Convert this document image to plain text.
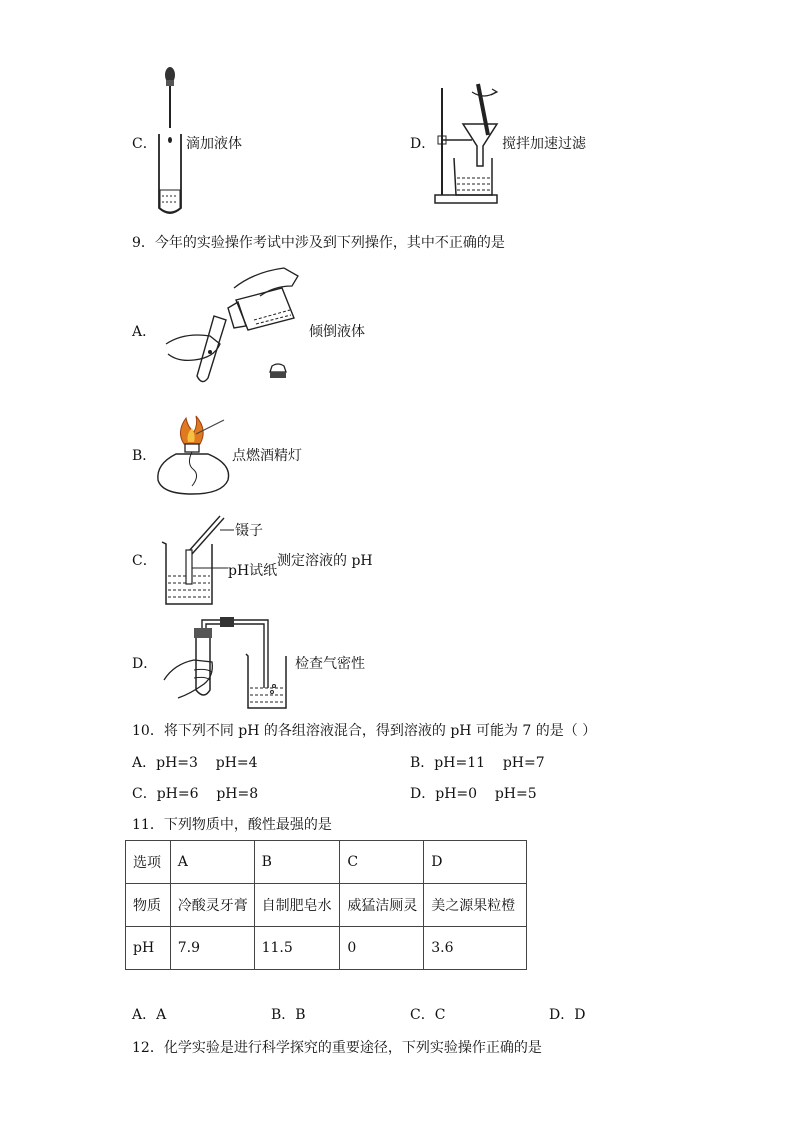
C． 滴加液体	D．	搅拌加速过滤
9．今年的实验操作考试中涉及到下列操作，其中不正确的是
A．	倾倒液体
B．	点燃酒精灯
C．
镊子
pH试纸
测定溶液的 pH
D．	检查气密性
10．将下列不同 pH 的各组溶液混合，得到溶液的 pH 可能为 7 的是（ ）
A．pH=3    pH=4	B．pH=11    pH=7
C．pH=6    pH=8	D．pH=0    pH=5
11．下列物质中，酸性最强的是
选项	A	B	C	D
物质	冷酸灵牙膏	自制肥皂水	威猛洁厕灵	美之源果粒橙
pH	7.9	11.5	0	3.6
A．A	B．B	C．C	D．D
12．化学实验是进行科学探究的重要途径，下列实验操作正确的是
